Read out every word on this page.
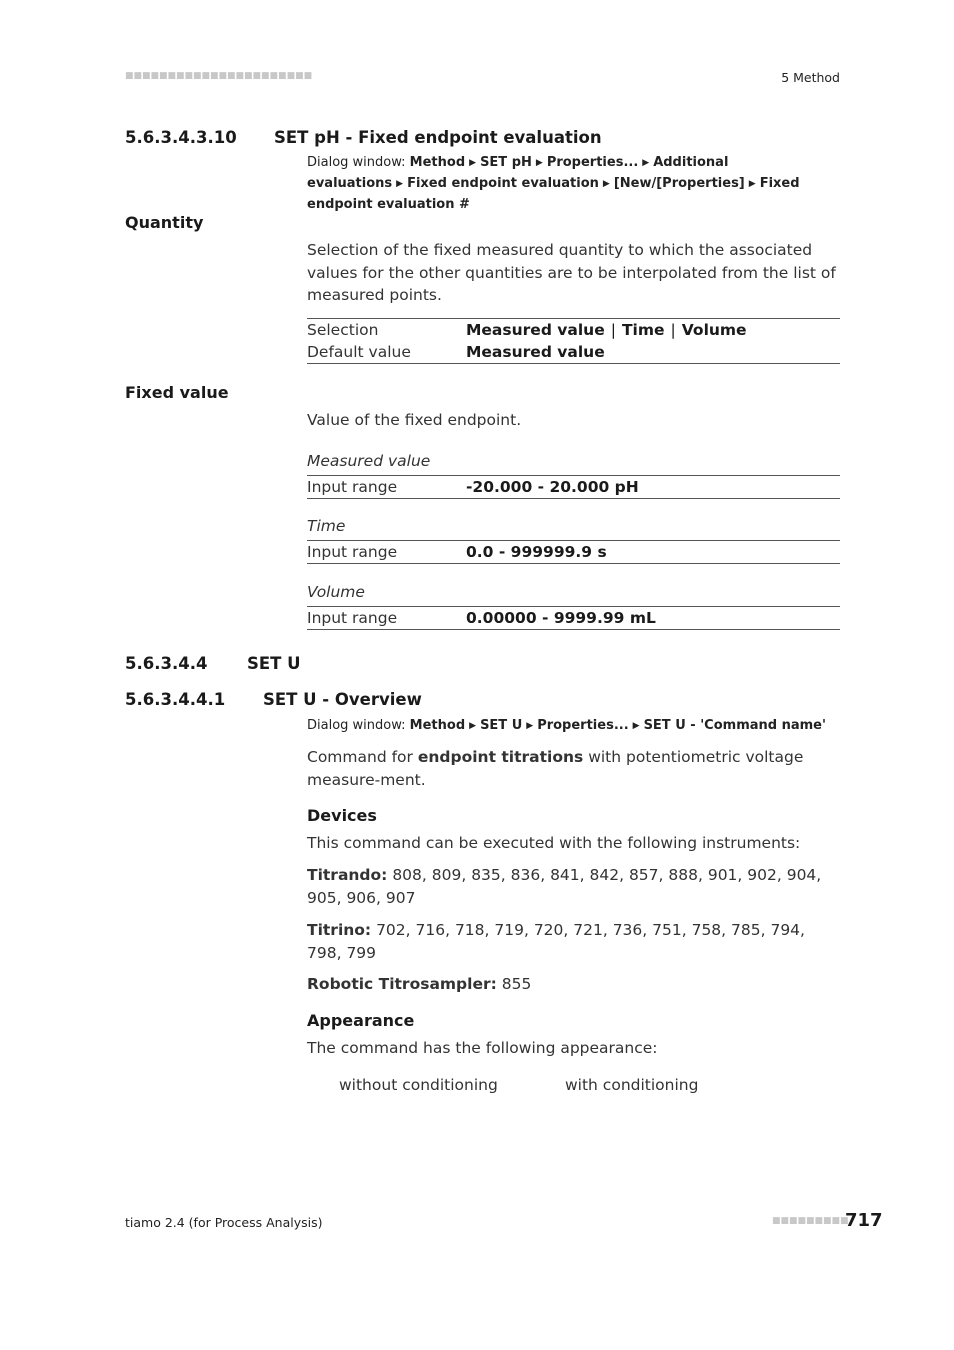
■■■■■■■■■■■■■■■■■■■■■■	5 Method
5.6.3.4.3.10 SET pH - Fixed endpoint evaluation
Dialog window: Method ▶ SET pH ▶ Properties... ▶ Additional evaluations ▶ Fixed endpoint evaluation ▶ [New/[Properties] ▶ Fixed endpoint evaluation #
Quantity
Selection of the fixed measured quantity to which the associated values for the other quantities are to be interpolated from the list of measured points.
Selection	Measured value | Time | Volume
Default value	Measured value
Fixed value
Value of the fixed endpoint.
Measured value
Input range	-20.000 - 20.000 pH
Time
Input range	0.0 - 999999.9 s
Volume
Input range	0.00000 - 9999.99 mL
5.6.3.4.4 SET U
5.6.3.4.4.1 SET U - Overview
Dialog window: Method ▶ SET U ▶ Properties... ▶ SET U - 'Command name'
Command for endpoint titrations with potentiometric voltage measure-ment.
Devices
This command can be executed with the following instruments:
Titrando: 808, 809, 835, 836, 841, 842, 857, 888, 901, 902, 904, 905, 906, 907
Titrino: 702, 716, 718, 719, 720, 721, 736, 751, 758, 785, 794, 798, 799
Robotic Titrosampler: 855
Appearance
The command has the following appearance:
without conditioning	with conditioning
tiamo 2.4 (for Process Analysis)	■■■■■■■■■
717
